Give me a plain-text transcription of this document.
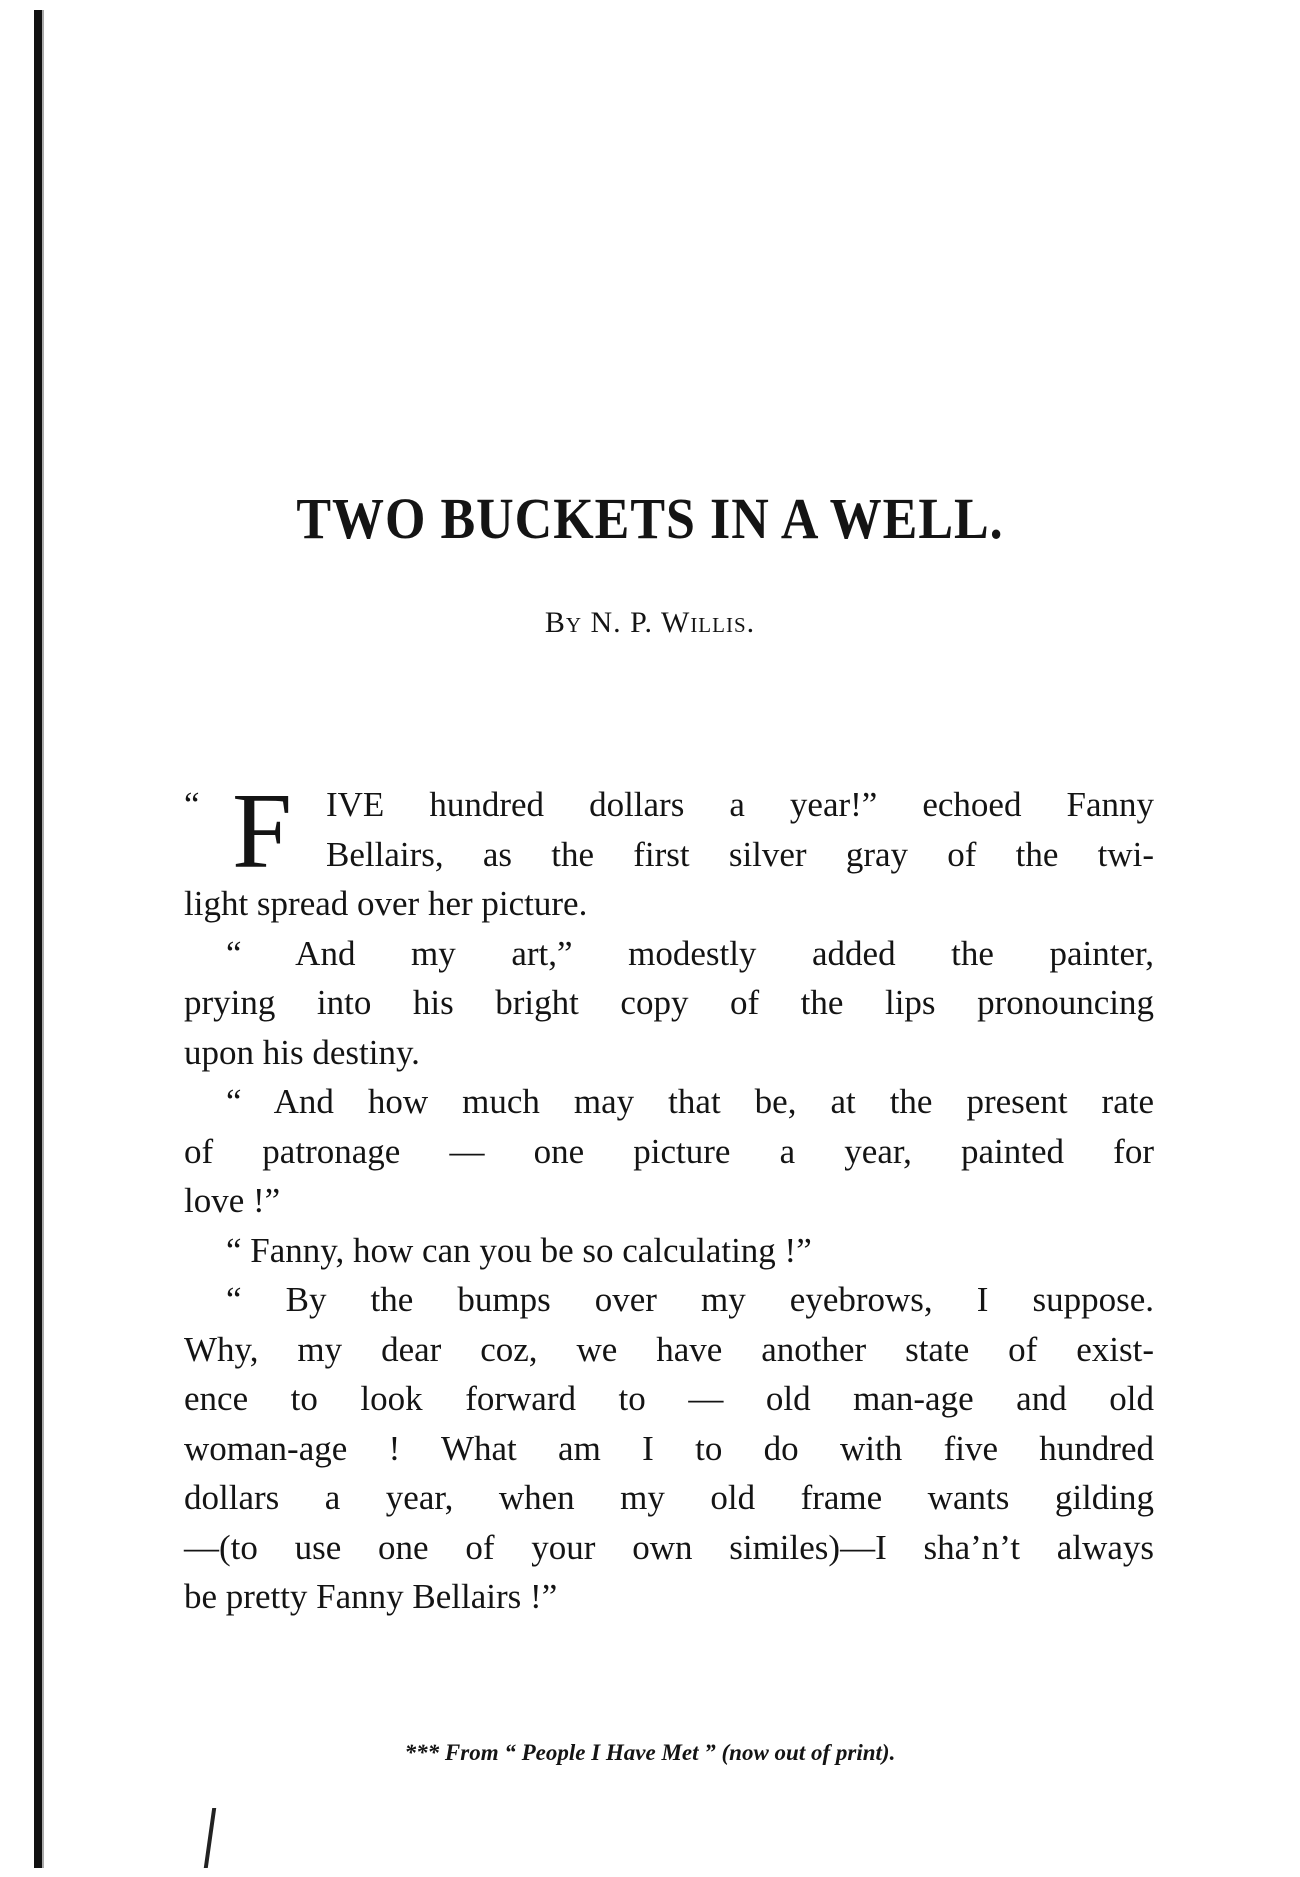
TWO BUCKETS IN A WELL.
By N. P. Willis.
“ F IVE hundred dollars a year!” echoed Fanny
Bellairs, as the first silver gray of the twi-
light spread over her picture.
“ And my art,” modestly added the painter,
prying into his bright copy of the lips pronouncing
upon his destiny.
“ And how much may that be, at the present rate
of patronage — one picture a year, painted for
love !”
“ Fanny, how can you be so calculating !”
“ By the bumps over my eyebrows, I suppose.
Why, my dear coz, we have another state of exist-
ence to look forward to — old man-age and old
woman-age ! What am I to do with five hundred
dollars a year, when my old frame wants gilding
—(to use one of your own similes)—I sha’n’t always
be pretty Fanny Bellairs !”
*** From “ People I Have Met ” (now out of print).
